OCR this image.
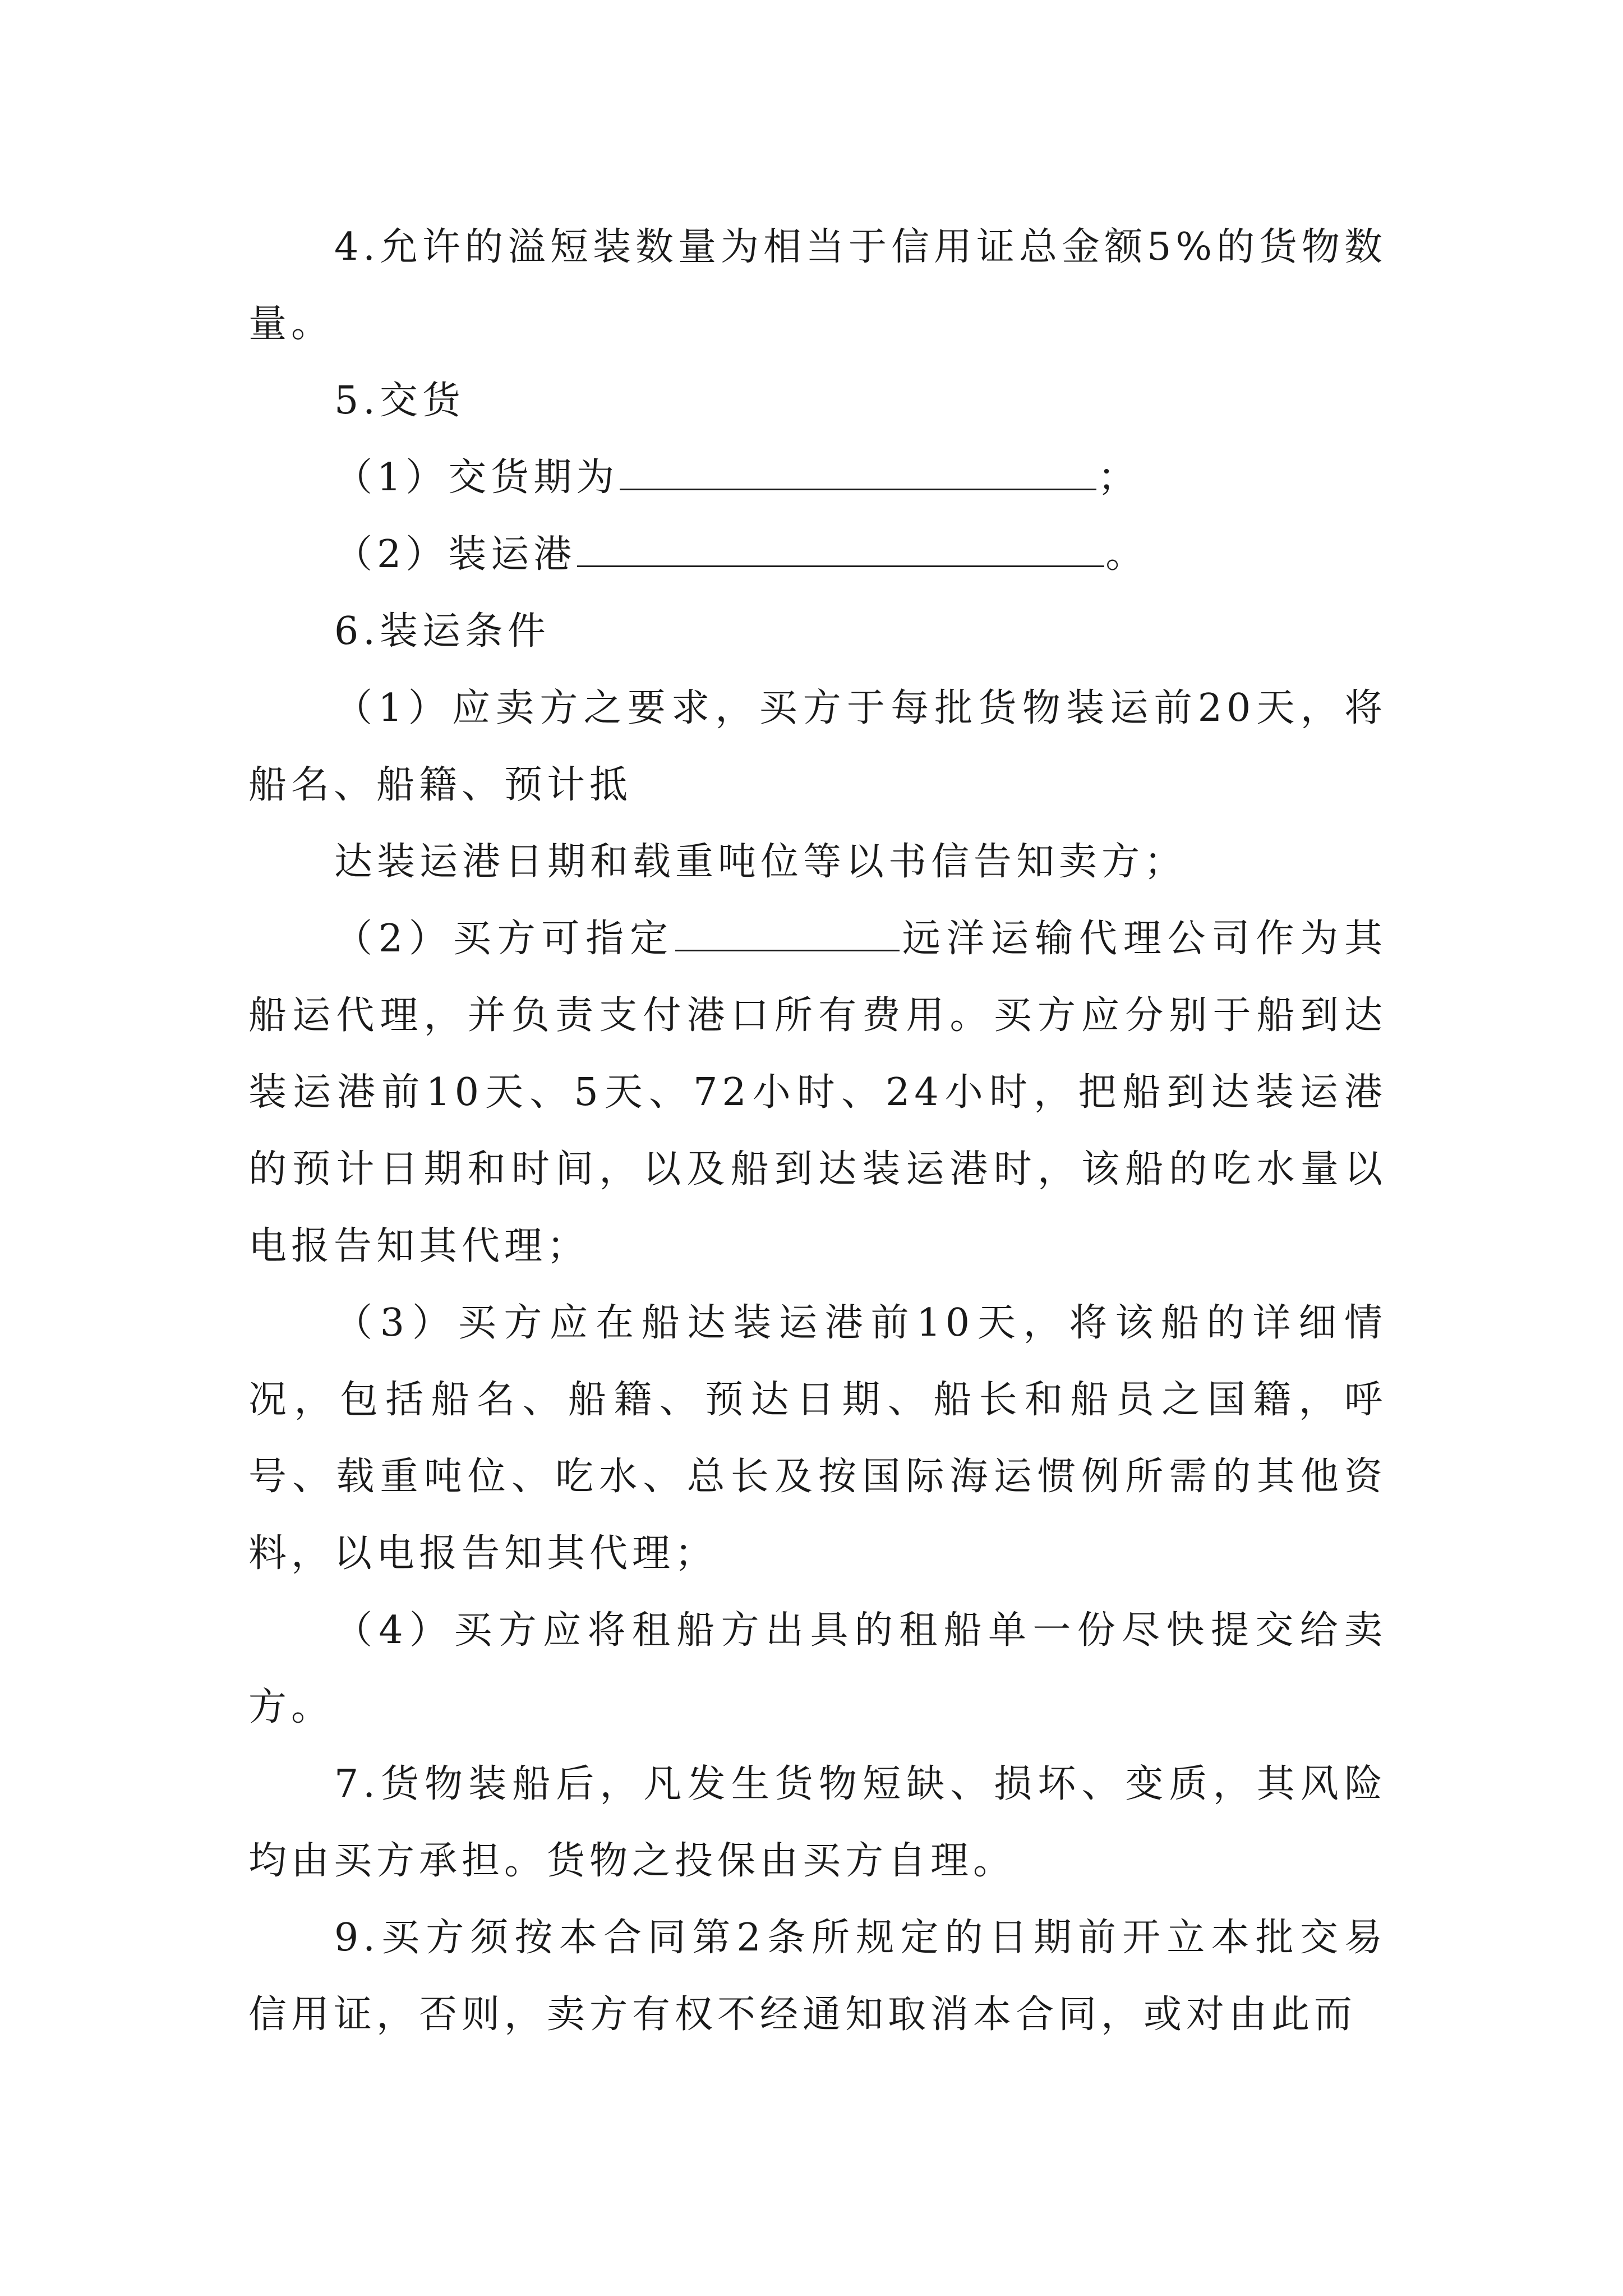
4.允许的溢短装数量为相当于信用证总金额5%的货物数量。

5.交货

（1）交货期为	；

（2）装运港	。

6.装运条件

（1）应卖方之要求，买方于每批货物装运前20天，将船名、船籍、预计抵

达装运港日期和载重吨位等以书信告知卖方；

（2）买方可指定	远洋运输代理公司作为其船运代理，并负责支付港口所有费用。买方应分别于船到达装运港前10天、5天、72小时、24小时，把船到达装运港的预计日期和时间，以及船到达装运港时，该船的吃水量以电报告知其代理；

（3）买方应在船达装运港前10天，将该船的详细情况，包括船名、船籍、预达日期、船长和船员之国籍，呼号、载重吨位、吃水、总长及按国际海运惯例所需的其他资料，以电报告知其代理；

（4）买方应将租船方出具的租船单一份尽快提交给卖方。

7.货物装船后，凡发生货物短缺、损坏、变质，其风险均由买方承担。货物之投保由买方自理。

9.买方须按本合同第2条所规定的日期前开立本批交易信用证，否则，卖方有权不经通知取消本合同，或对由此而
